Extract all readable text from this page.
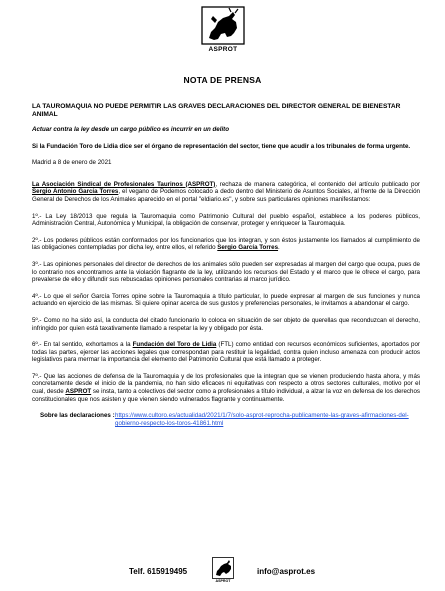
ASPROT
NOTA DE PRENSA
LA TAUROMAQUIA NO PUEDE PERMITIR LAS GRAVES DECLARACIONES DEL DIRECTOR GENERAL DE BIENESTAR ANIMAL
Actuar contra la ley desde un cargo público es incurrir en un delito
Si la Fundación Toro de Lidia dice ser el órgano de representación del sector, tiene que acudir a los tribunales de forma urgente.
Madrid a 8 de enero de 2021

La Asociación Sindical de Profesionales Taurinos (ASPROT), rechaza de manera categórica, el contenido del artículo publicado por Sergio Antonio García Torres, el vegano de Podemos colocado a dedo dentro del Ministerio de Asuntos Sociales, al frente de la Dirección General de Derechos de los Animales aparecido en el portal "eldiario.es", y sobre sus particulares opiniones manifestamos:

1º.- La Ley 18/2013 que regula la Tauromaquia como Patrimonio Cultural del pueblo español, establece a los poderes públicos, Administración Central, Autonómica y Municipal, la obligación de conservar, proteger y enriquecer la Tauromaquia.

2º.- Los poderes públicos están conformados por los funcionarios que los integran, y son éstos justamente los llamados al cumplimiento de las obligaciones contempladas por dicha ley, entre ellos, el referido Sergio García Torres.

3º.- Las opiniones personales del director de derechos de los animales sólo pueden ser expresadas al margen del cargo que ocupa, pues de lo contrario nos encontramos ante la violación flagrante de la ley, utilizando los recursos del Estado y el marco que le ofrece el cargo, para prevalerse de ello y difundir sus rebuscadas opiniones personales contrarias al marco jurídico.

4º.- Lo que el señor García Torres opine sobre la Tauromaquia a título particular, lo puede expresar al margen de sus funciones y nunca actuando en ejercicio de las mismas. Si quiere opinar acerca de sus gustos y preferencias personales, le invitamos a abandonar el cargo.

5º.- Como no ha sido así, la conducta del citado funcionario lo coloca en situación de ser objeto de querellas que reconduzcan el derecho, infringido por quien está taxativamente llamado a respetar la ley y obligado por ésta.

6º.- En tal sentido, exhortamos a la Fundación del Toro de Lidia (FTL) como entidad con recursos económicos suficientes, aportados por todas las partes, ejercer las acciones legales que correspondan para restituir la legalidad, contra quien incluso amenaza con producir actos legislativos para mermar la importancia del elemento del Patrimonio Cultural que está llamado a proteger.

7º.- Que las acciones de defensa de la Tauromaquia y de los profesionales que la integran que se vienen produciendo hasta ahora, y más concretamente desde el inicio de la pandemia, no han sido eficaces ni equitativas con respecto a otros sectores culturales, motivo por el cual, desde ASPROT se insta, tanto a colectivos del sector como a profesionales a título individual, a alzar la voz en defensa de los derechos constitucionales que nos asisten y que vienen siendo vulnerados flagrante y continuamente.

Sobre las declaraciones : https://www.cultoro.es/actualidad/2021/1/7/solo-asprot-reprocha-publicamente-las-graves-afirmaciones-del-gobierno-respecto-los-toros-41861.html
Telf. 615919495
ASPROT
info@asprot.es
